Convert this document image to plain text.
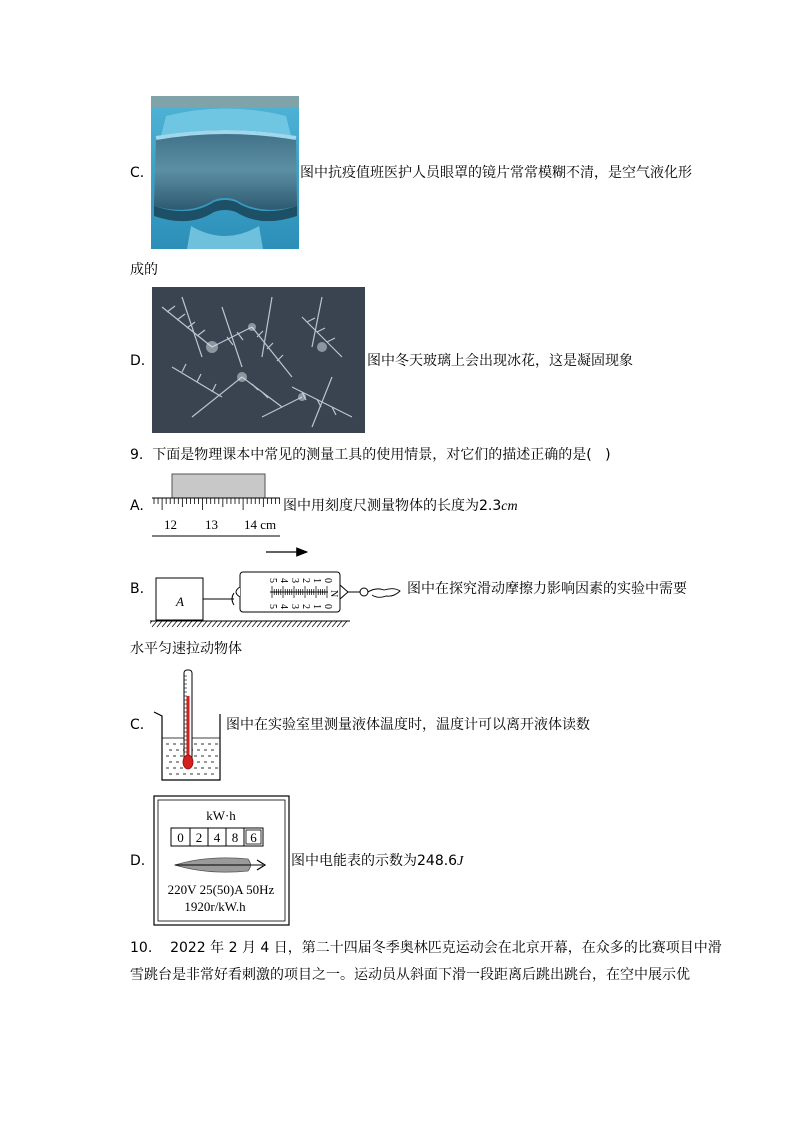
C.	图中抗疫值班医护人员眼罩的镜片常常模糊不清，是空气液化形
成的
D.	图中冬天玻璃上会出现冰花，这是凝固现象
9.  下面是物理课本中常见的测量工具的使用情景，对它们的描述正确的是(   )
A.
12 13 14 cm
图中用刻度尺测量物体的长度为2.3cm
B.
A
0
1
2
3
4
5
0
1
2
3
4
5
N	图中在探究滑动摩擦力影响因素的实验中需要
水平匀速拉动物体
C.	图中在实验室里测量液体温度时，温度计可以离开液体读数
D.
kW·h
0 2 4 8 6
220V 25(50)A 50Hz
1920r/kW.h
图中电能表的示数为248.6J
10.    2022 年 2 月 4 日，第二十四届冬季奥林匹克运动会在北京开幕，在众多的比赛项目中滑
雪跳台是非常好看刺激的项目之一。运动员从斜面下滑一段距离后跳出跳台，在空中展示优
